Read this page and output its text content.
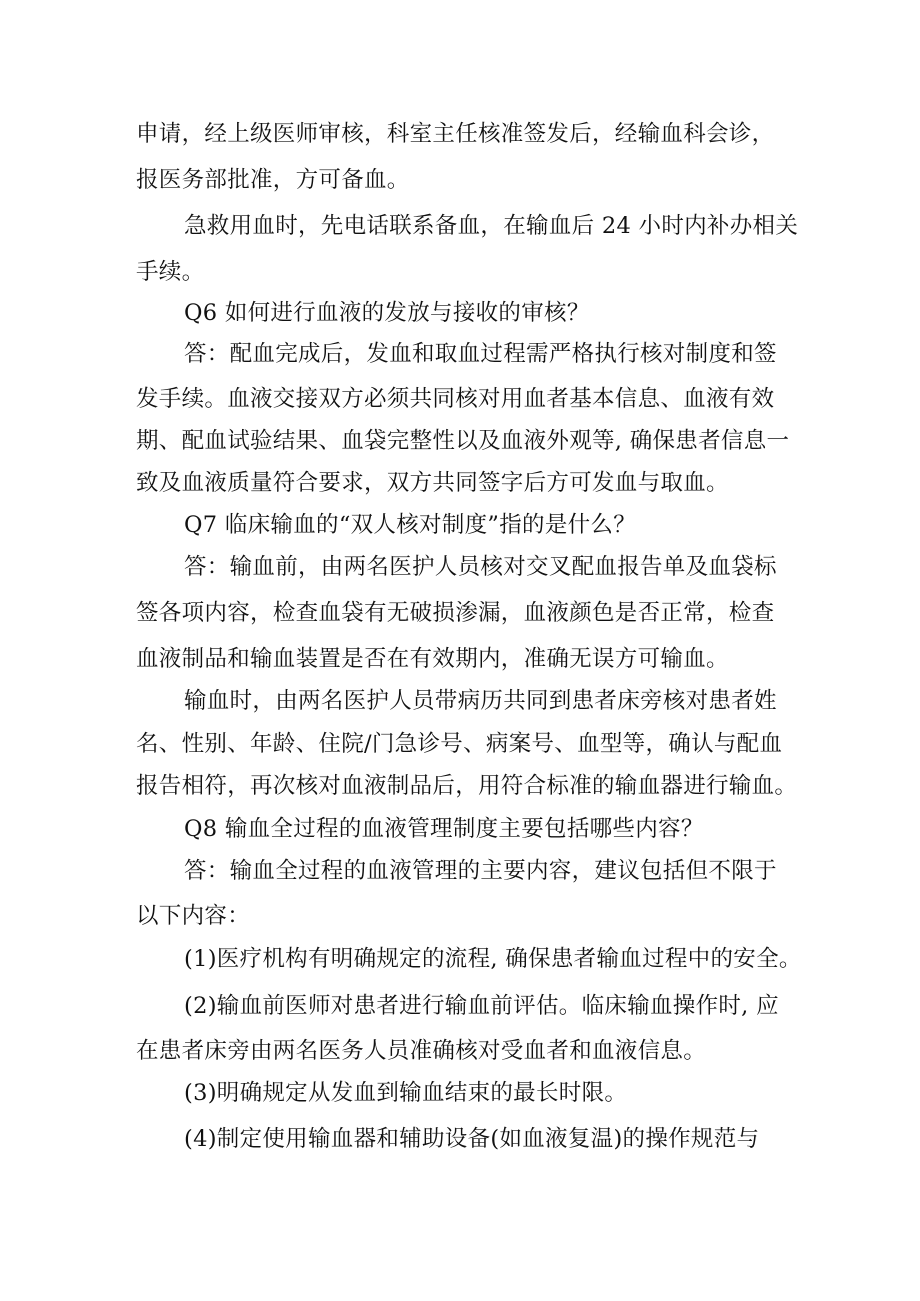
申请，经上级医师审核，科室主任核准签发后，经输血科会诊，
报医务部批准，方可备血。
急救用血时，先电话联系备血，在输血后 24 小时内补办相关
手续。
Q6 如何进行血液的发放与接收的审核？
答：配血完成后，发血和取血过程需严格执行核对制度和签
发手续。血液交接双方必须共同核对用血者基本信息、血液有效
期、配血试验结果、血袋完整性以及血液外观等, 确保患者信息一
致及血液质量符合要求，双方共同签字后方可发血与取血。
Q7 临床输血的“双人核对制度”指的是什么？
答：输血前，由两名医护人员核对交叉配血报告单及血袋标
签各项内容，检查血袋有无破损渗漏，血液颜色是否正常，检查
血液制品和输血装置是否在有效期内，准确无误方可输血。
输血时，由两名医护人员带病历共同到患者床旁核对患者姓
名、性别、年龄、住院/门急诊号、病案号、血型等，确认与配血
报告相符，再次核对血液制品后，用符合标准的输血器进行输血。
Q8 输血全过程的血液管理制度主要包括哪些内容？
答：输血全过程的血液管理的主要内容，建议包括但不限于
以下内容：
(1)医疗机构有明确规定的流程, 确保患者输血过程中的安全。
(2)输血前医师对患者进行输血前评估。临床输血操作时, 应
在患者床旁由两名医务人员准确核对受血者和血液信息。
(3)明确规定从发血到输血结束的最长时限。
(4)制定使用输血器和辅助设备(如血液复温)的操作规范与
